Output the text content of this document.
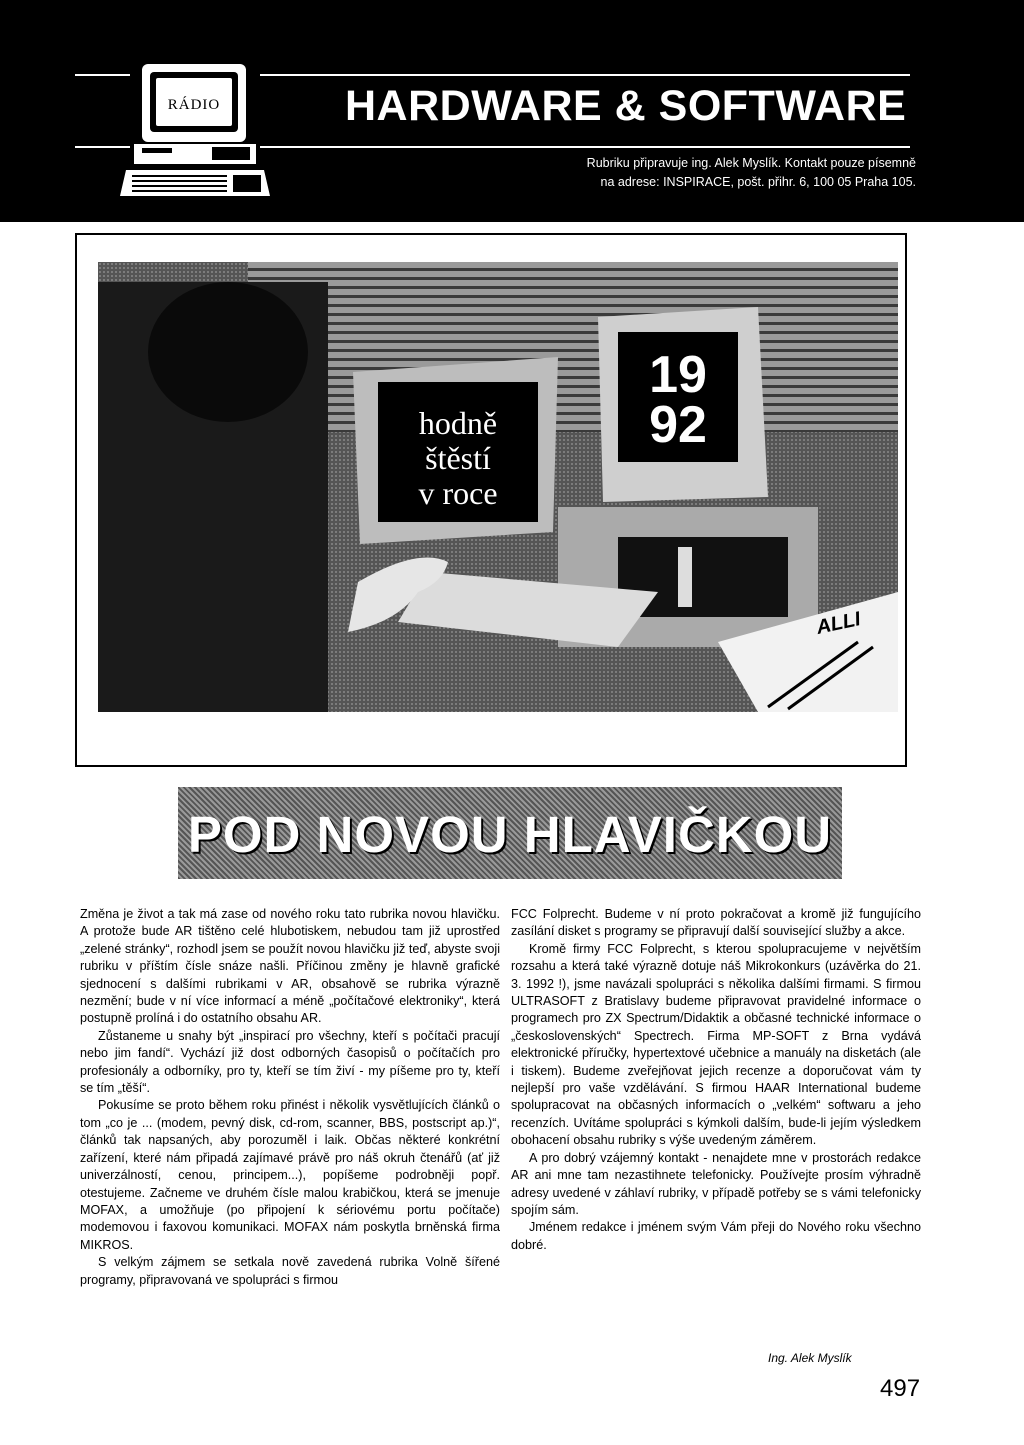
RÁDIO	HARDWARE & SOFTWARE
Rubriku připravuje ing. Alek Myslík. Kontakt pouze písemně
na adrese: INSPIRACE, pošt. přihr. 6, 100 05 Praha 105.
hodně
štěstí
v roce
19
92
ALLI
POD NOVOU HLAVIČKOU

Změna je život a tak má zase od nového roku tato rubrika novou hlavičku. A protože bude AR tištěno celé hlubotiskem, nebudou tam již uprostřed „zelené stránky“, rozhodl jsem se použít novou hlavičku již teď, abyste svoji rubriku v příštím čísle snáze našli. Příčinou změny je hlavně grafické sjednocení s dalšími rubrikami v AR, obsahově se rubrika výrazně nezmění; bude v ní více informací a méně „počítačové elektroniky“, která postupně prolíná i do ostatního obsahu AR.

Zůstaneme u snahy být „inspirací pro všechny, kteří s počítači pracují nebo jim fandí“. Vychází již dost odborných časopisů o počítačích pro profesionály a odborníky, pro ty, kteří se tím živí - my píšeme pro ty, kteří se tím „těší“.

Pokusíme se proto během roku přinést i několik vysvětlujících článků o tom „co je ... (modem, pevný disk, cd-rom, scanner, BBS, postscript ap.)“, článků tak napsaných, aby porozuměl i laik. Občas některé konkrétní zařízení, které nám připadá zajímavé právě pro náš okruh čtenářů (ať již univerzálností, cenou, principem...), popíšeme podrobněji popř. otestujeme. Začneme ve druhém čísle malou krabičkou, která se jmenuje MOFAX, a umožňuje (po připojení k sériovému portu počítače) modemovou i faxovou komunikaci. MOFAX nám poskytla brněnská firma MIKROS.

S velkým zájmem se setkala nově zavedená rubrika Volně šířené programy, připravovaná ve spolupráci s firmou

FCC Folprecht. Budeme v ní proto pokračovat a kromě již fungujícího zasílání disket s programy se připravují další související služby a akce.

Kromě firmy FCC Folprecht, s kterou spolupracujeme v největším rozsahu a která také výrazně dotuje náš Mikrokonkurs (uzávěrka do 21. 3. 1992 !), jsme navázali spolupráci s několika dalšími firmami. S firmou ULTRASOFT z Bratislavy budeme připravovat pravidelné informace o programech pro ZX Spectrum/Didaktik a občasné technické informace o „československých“ Spectrech. Firma MP-SOFT z Brna vydává elektronické příručky, hypertextové učebnice a manuály na disketách (ale i tiskem). Budeme zveřejňovat jejich recenze a doporučovat vám ty nejlepší pro vaše vzdělávání. S firmou HAAR International budeme spolupracovat na občasných informacích o „velkém“ softwaru a jeho recenzích. Uvítáme spolupráci s kýmkoli dalším, bude-li jejím výsledkem obohacení obsahu rubriky s výše uvedeným záměrem.

A pro dobrý vzájemný kontakt - nenajdete mne v prostorách redakce AR ani mne tam nezastihnete telefonicky. Používejte prosím výhradně adresy uvedené v záhlaví rubriky, v případě potřeby se s vámi telefonicky spojím sám.

Jménem redakce i jménem svým Vám přeji do Nového roku všechno dobré.

Ing. Alek Myslík
497
